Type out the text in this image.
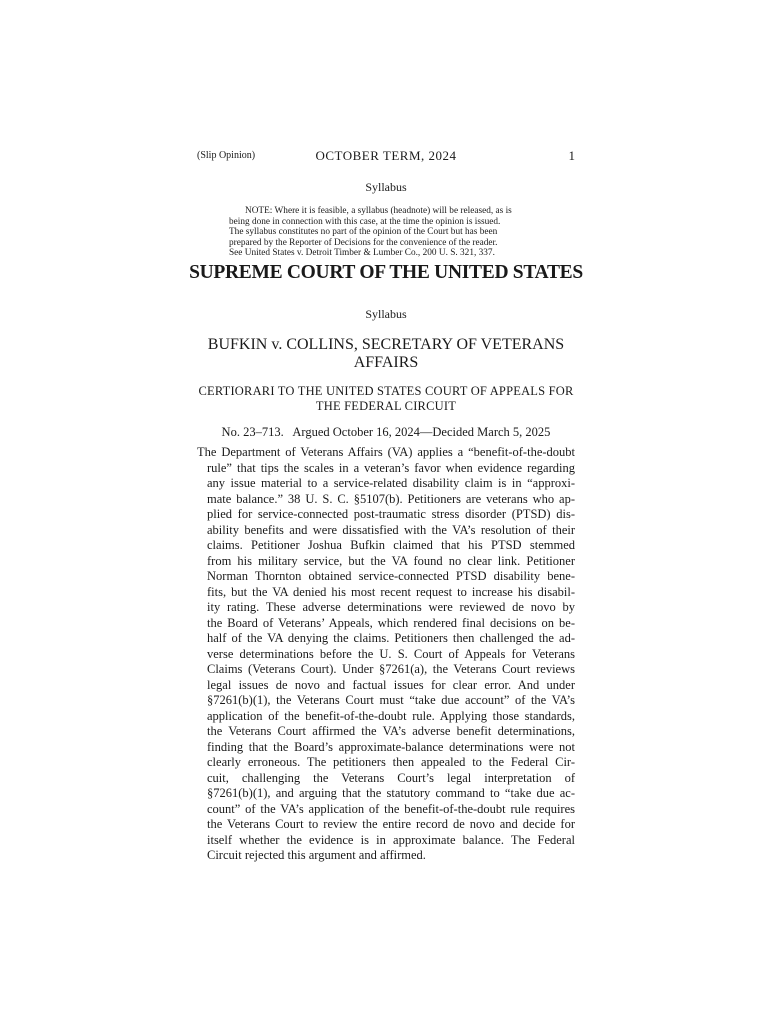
(Slip Opinion)	OCTOBER TERM, 2024	1
Syllabus
NOTE: Where it is feasible, a syllabus (headnote) will be released, as is
being done in connection with this case, at the time the opinion is issued.
The syllabus constitutes no part of the opinion of the Court but has been
prepared by the Reporter of Decisions for the convenience of the reader.
See United States v. Detroit Timber & Lumber Co., 200 U. S. 321, 337.
SUPREME COURT OF THE UNITED STATES
Syllabus
BUFKIN v. COLLINS, SECRETARY OF VETERANS
AFFAIRS
CERTIORARI TO THE UNITED STATES COURT OF APPEALS FOR
THE FEDERAL CIRCUIT
No. 23–713.   Argued October 16, 2024—Decided March 5, 2025
The Department of Veterans Affairs (VA) applies a “benefit-of-the-doubt
rule” that tips the scales in a veteran’s favor when evidence regarding
any issue material to a service-related disability claim is in “approxi-
mate balance.” 38 U. S. C. §5107(b). Petitioners are veterans who ap-
plied for service-connected post-traumatic stress disorder (PTSD) dis-
ability benefits and were dissatisfied with the VA’s resolution of their
claims. Petitioner Joshua Bufkin claimed that his PTSD stemmed
from his military service, but the VA found no clear link. Petitioner
Norman Thornton obtained service-connected PTSD disability bene-
fits, but the VA denied his most recent request to increase his disabil-
ity rating. These adverse determinations were reviewed de novo by
the Board of Veterans’ Appeals, which rendered final decisions on be-
half of the VA denying the claims. Petitioners then challenged the ad-
verse determinations before the U. S. Court of Appeals for Veterans
Claims (Veterans Court). Under §7261(a), the Veterans Court reviews
legal issues de novo and factual issues for clear error. And under
§7261(b)(1), the Veterans Court must “take due account” of the VA’s
application of the benefit-of-the-doubt rule. Applying those standards,
the Veterans Court affirmed the VA’s adverse benefit determinations,
finding that the Board’s approximate-balance determinations were not
clearly erroneous. The petitioners then appealed to the Federal Cir-
cuit, challenging the Veterans Court’s legal interpretation of
§7261(b)(1), and arguing that the statutory command to “take due ac-
count” of the VA’s application of the benefit-of-the-doubt rule requires
the Veterans Court to review the entire record de novo and decide for
itself whether the evidence is in approximate balance. The Federal
Circuit rejected this argument and affirmed.
